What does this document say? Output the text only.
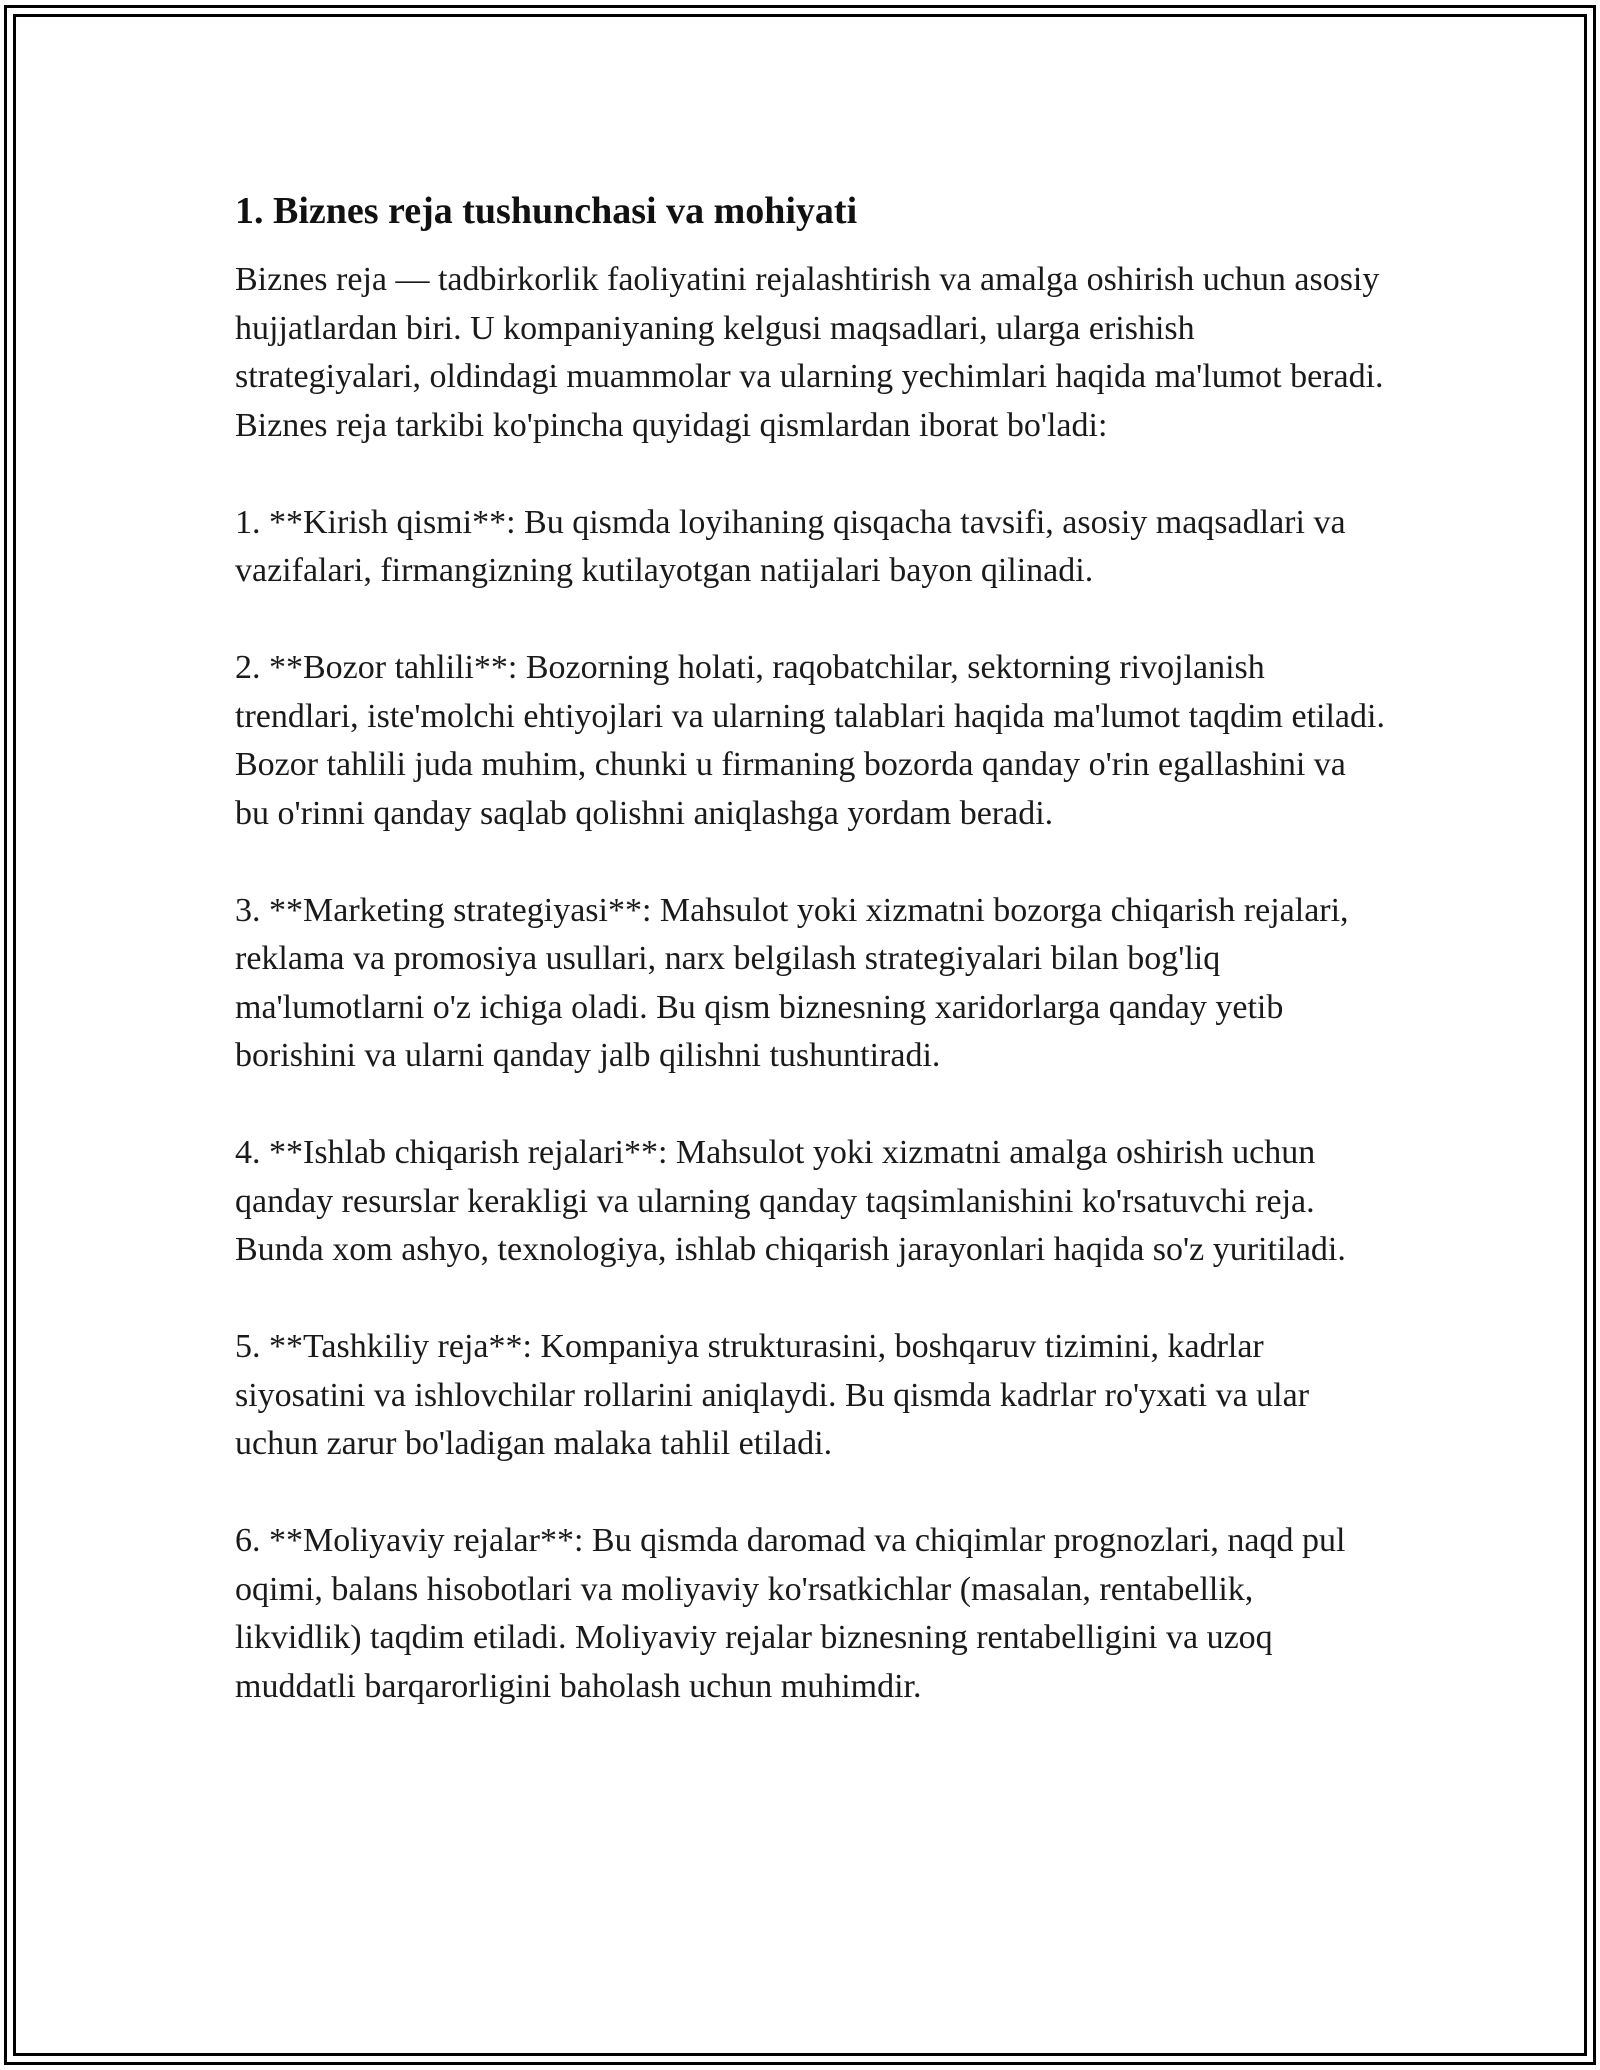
1. Biznes reja tushunchasi va mohiyati

Biznes reja — tadbirkorlik faoliyatini rejalashtirish va amalga oshirish uchun asosiy hujjatlardan biri. U kompaniyaning kelgusi maqsadlari, ularga erishish strategiyalari, oldindagi muammolar va ularning yechimlari haqida ma'lumot beradi. Biznes reja tarkibi ko'pincha quyidagi qismlardan iborat bo'ladi:

1. **Kirish qismi**: Bu qismda loyihaning qisqacha tavsifi, asosiy maqsadlari va vazifalari, firmangizning kutilayotgan natijalari bayon qilinadi.

2. **Bozor tahlili**: Bozorning holati, raqobatchilar, sektorning rivojlanish trendlari, iste'molchi ehtiyojlari va ularning talablari haqida ma'lumot taqdim etiladi. Bozor tahlili juda muhim, chunki u firmaning bozorda qanday o'rin egallashini va bu o'rinni qanday saqlab qolishni aniqlashga yordam beradi.

3. **Marketing strategiyasi**: Mahsulot yoki xizmatni bozorga chiqarish rejalari, reklama va promosiya usullari, narx belgilash strategiyalari bilan bog'liq ma'lumotlarni o'z ichiga oladi. Bu qism biznesning xaridorlarga qanday yetib borishini va ularni qanday jalb qilishni tushuntiradi.

4. **Ishlab chiqarish rejalari**: Mahsulot yoki xizmatni amalga oshirish uchun qanday resurslar kerakligi va ularning qanday taqsimlanishini ko'rsatuvchi reja. Bunda xom ashyo, texnologiya, ishlab chiqarish jarayonlari haqida so'z yuritiladi.

5. **Tashkiliy reja**: Kompaniya strukturasini, boshqaruv tizimini, kadrlar siyosatini va ishlovchilar rollarini aniqlaydi. Bu qismda kadrlar ro'yxati va ular uchun zarur bo'ladigan malaka tahlil etiladi.

6. **Moliyaviy rejalar**: Bu qismda daromad va chiqimlar prognozlari, naqd pul oqimi, balans hisobotlari va moliyaviy ko'rsatkichlar (masalan, rentabellik, likvidlik) taqdim etiladi. Moliyaviy rejalar biznesning rentabelligini va uzoq muddatli barqarorligini baholash uchun muhimdir.
